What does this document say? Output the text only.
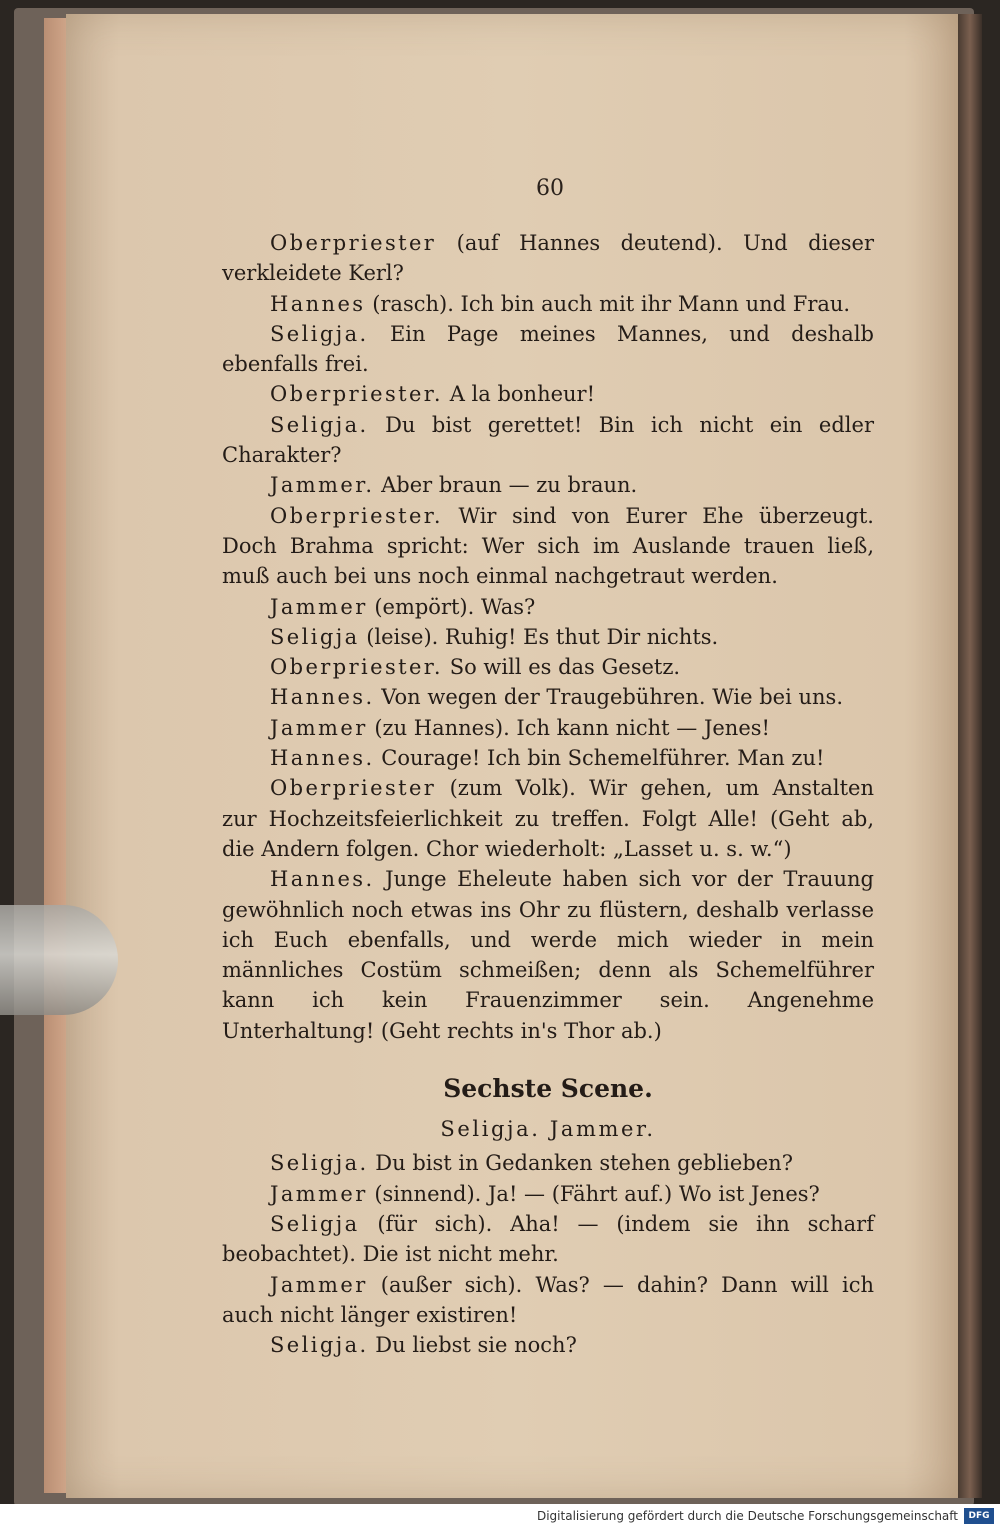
60

Oberpriester (auf Hannes deutend). Und dieser verkleidete Kerl?

Hannes (rasch). Ich bin auch mit ihr Mann und Frau.

Seligja. Ein Page meines Mannes, und deshalb ebenfalls frei.

Oberpriester. A la bonheur!

Seligja. Du bist gerettet! Bin ich nicht ein edler Charakter?

Jammer. Aber braun — zu braun.

Oberpriester. Wir sind von Eurer Ehe überzeugt. Doch Brahma spricht: Wer sich im Auslande trauen ließ, muß auch bei uns noch einmal nachgetraut werden.

Jammer (empört). Was?

Seligja (leise). Ruhig! Es thut Dir nichts.

Oberpriester. So will es das Gesetz.

Hannes. Von wegen der Traugebühren. Wie bei uns.

Jammer (zu Hannes). Ich kann nicht — Jenes!

Hannes. Courage! Ich bin Schemelführer. Man zu!

Oberpriester (zum Volk). Wir gehen, um Anstalten zur Hochzeitsfeierlichkeit zu treffen. Folgt Alle! (Geht ab, die Andern folgen. Chor wiederholt: „Lasset u. s. w.“)

Hannes. Junge Eheleute haben sich vor der Trauung gewöhnlich noch etwas ins Ohr zu flüstern, deshalb verlasse ich Euch ebenfalls, und werde mich wieder in mein männliches Costüm schmeißen; denn als Schemelführer kann ich kein Frauenzimmer sein. Angenehme Unterhaltung! (Geht rechts in's Thor ab.)

Sechste Scene.
Seligja. Jammer.

Seligja. Du bist in Gedanken stehen geblieben?

Jammer (sinnend). Ja! — (Fährt auf.) Wo ist Jenes?

Seligja (für sich). Aha! — (indem sie ihn scharf beobachtet). Die ist nicht mehr.

Jammer (außer sich). Was? — dahin? Dann will ich auch nicht länger existiren!

Seligja. Du liebst sie noch?

Digitalisierung gefördert durch die Deutsche Forschungsgemeinschaft	DFG
